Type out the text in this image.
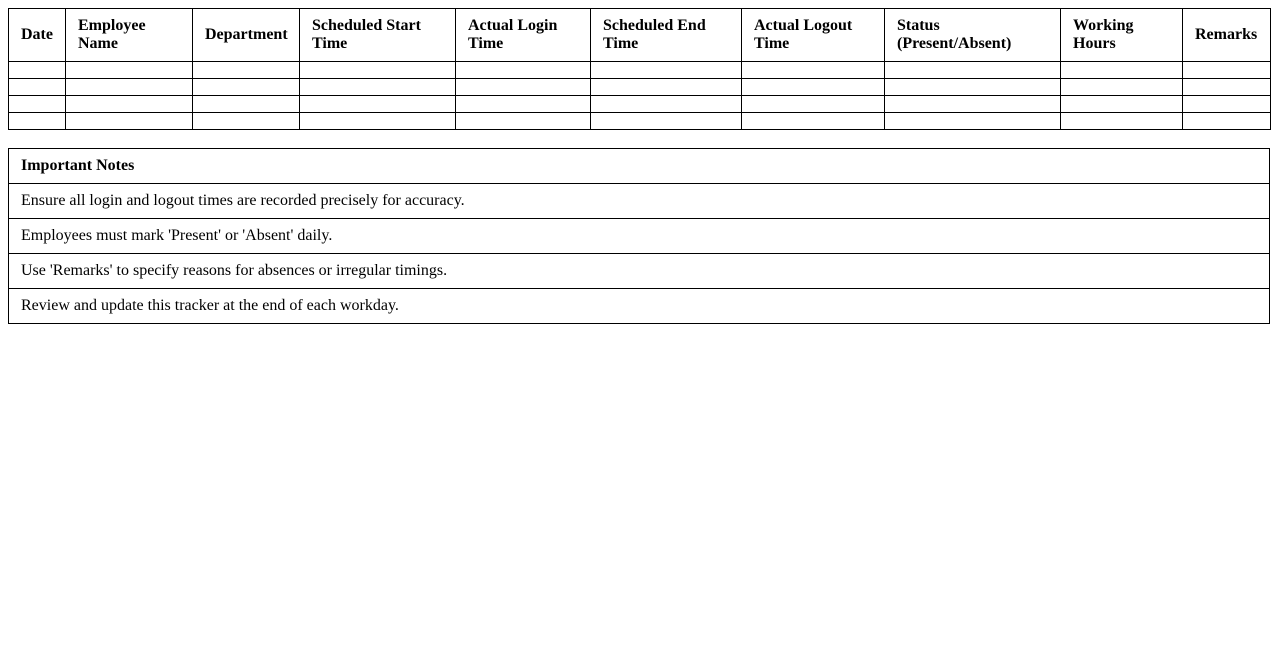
Date	Employee Name	Department	Scheduled Start Time	Actual Login Time	Scheduled End Time	Actual Logout Time	Status (Present/Absent)	Working Hours	Remarks

Important Notes
Ensure all login and logout times are recorded precisely for accuracy.
Employees must mark 'Present' or 'Absent' daily.
Use 'Remarks' to specify reasons for absences or irregular timings.
Review and update this tracker at the end of each workday.
